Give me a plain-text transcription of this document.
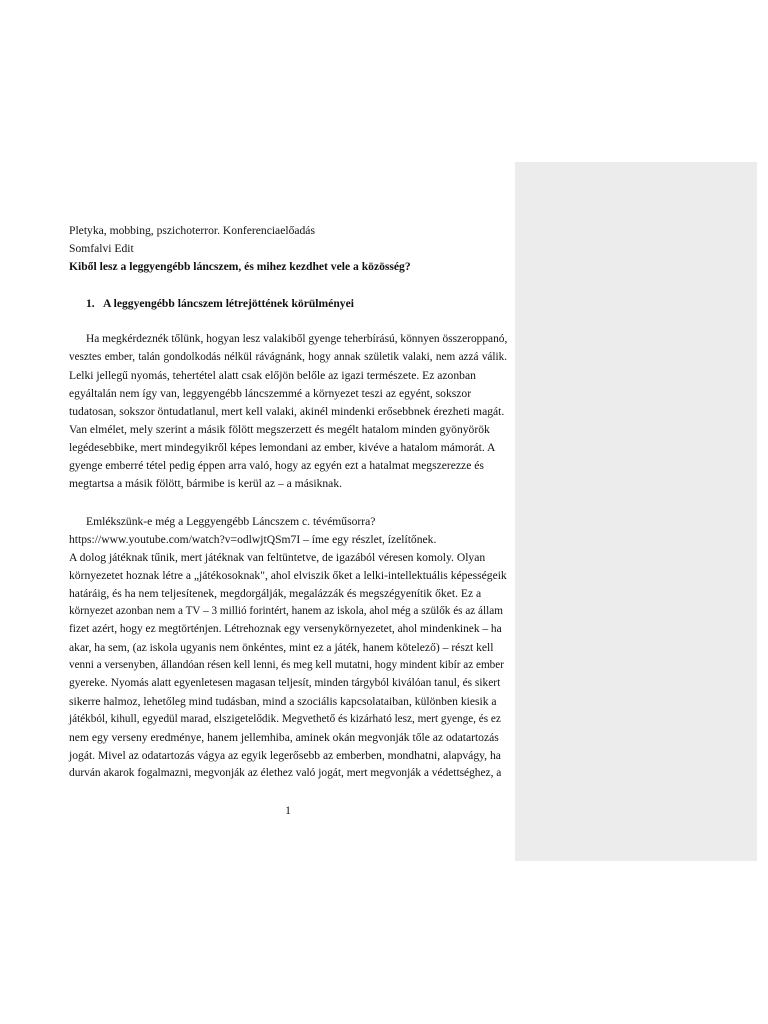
Pletyka, mobbing, pszichoterror. Konferenciaelőadás
Somfalvi Edit
Kiből lesz a leggyengébb láncszem, és mihez kezdhet vele a közösség?
1. A leggyengébb láncszem létrejöttének körülményei
Ha megkérdeznék tőlünk, hogyan lesz valakiből gyenge teherbírású, könnyen összeroppanó,
vesztes ember, talán gondolkodás nélkül rávágnánk, hogy annak születik valaki, nem azzá válik.
Lelki jellegű nyomás, tehertétel alatt csak előjön belőle az igazi természete. Ez azonban
egyáltalán nem így van, leggyengébb láncszemmé a környezet teszi az egyént, sokszor
tudatosan, sokszor öntudatlanul, mert kell valaki, akinél mindenki erősebbnek érezheti magát.
Van elmélet, mely szerint a másik fölött megszerzett és megélt hatalom minden gyönyörök
legédesebbike, mert mindegyikről képes lemondani az ember, kivéve a hatalom mámorát. A
gyenge emberré tétel pedig éppen arra való, hogy az egyén ezt a hatalmat megszerezze és
megtartsa a másik fölött, bármibe is kerül az – a másiknak.
Emlékszünk-e még a Leggyengébb Láncszem c. tévéműsorra?
https://www.youtube.com/watch?v=odlwjtQSm7I – íme egy részlet, ízelítőnek.
A dolog játéknak tűnik, mert játéknak van feltüntetve, de igazából véresen komoly. Olyan
környezetet hoznak létre a „játékosoknak", ahol elviszik őket a lelki-intellektuális képességeik
határáig, és ha nem teljesítenek, megdorgálják, megalázzák és megszégyenítik őket. Ez a
környezet azonban nem a TV – 3 millió forintért, hanem az iskola, ahol még a szülők és az állam
fizet azért, hogy ez megtörténjen. Létrehoznak egy versenykörnyezetet, ahol mindenkinek – ha
akar, ha sem, (az iskola ugyanis nem önkéntes, mint ez a játék, hanem kötelező) – részt kell
venni a versenyben, állandóan résen kell lenni, és meg kell mutatni, hogy mindent kibír az ember
gyereke. Nyomás alatt egyenletesen magasan teljesít, minden tárgyból kiválóan tanul, és sikert
sikerre halmoz, lehetőleg mind tudásban, mind a szociális kapcsolataiban, különben kiesik a
játékból, kihull, egyedül marad, elszigetelődik. Megvethető és kizárható lesz, mert gyenge, és ez
nem egy verseny eredménye, hanem jellemhiba, aminek okán megvonják tőle az odatartozás
jogát. Mivel az odatartozás vágya az egyik legerősebb az emberben, mondhatni, alapvágy, ha
durván akarok fogalmazni, megvonják az élethez való jogát, mert megvonják a védettséghez, a
1
